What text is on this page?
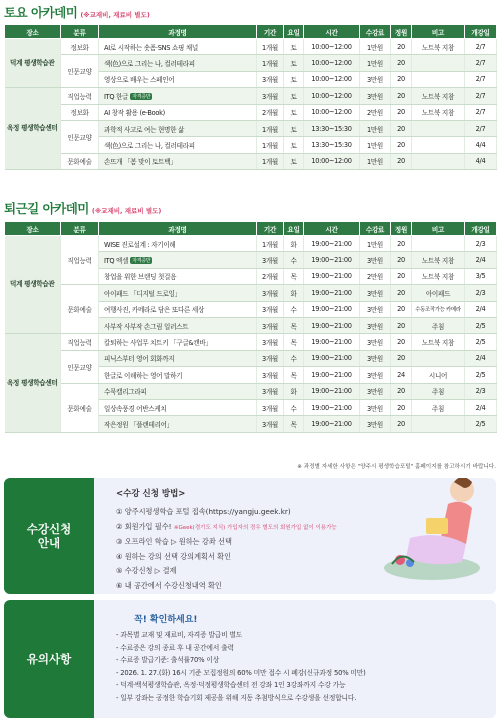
토요 아카데미 (※교재비, 재료비 별도)
장소	분류	과정명	기간	요일	시간	수강료	정원	비고	개강일
덕계 평생학습관	정보화	AI로 시작하는 숏폼·SNS 쇼핑 채널	1개월	토	10:00~12:00	1만원	20	노트북 지참	2/7
	인문교양	색(色)으로 그리는 나, 컬러테라피	1개월	토	10:00~12:00	1만원	20		2/7
		영상으로 배우는 스페인어	3개월	토	10:00~12:00	3만원	20		2/7
옥정 평생학습센터	직업능력	ITQ 한글 자격증반	3개월	토	10:00~12:00	3만원	20	노트북 지참	2/7
	정보화	AI 창작 활용 (e-Book)	2개월	토	10:00~12:00	2만원	20	노트북 지참	2/7
	인문교양	과학적 사고로 여는 현명한 삶	1개월	토	13:30~15:30	1만원	20		2/7
		색(色)으로 그리는 나, 컬러테라피	1개월	토	13:30~15:30	1만원	20		4/4
	문화예술	손뜨개 「봄 맞이 토트백」	1개월	토	10:00~12:00	1만원	20		4/4
퇴근길 아카데미 (※교재비, 재료비 별도)
장소	분류	과정명	기간	요일	시간	수강료	정원	비고	개강일
덕계 평생학습관	직업능력	WISE 진로설계 : 자기이해	1개월	화	19:00~21:00	1만원	20		2/3
		ITQ 엑셀 자격증반	3개월	수	19:00~21:00	3만원	20	노트북 지참	2/4
		창업을 위한 브랜딩 첫걸음	2개월	목	19:00~21:00	2만원	20	노트북 지참	3/5
	문화예술	아이패드 「디지털 드로잉」	3개월	화	19:00~21:00	3만원	20	아이패드	2/3
		여행사진, 카메라로 담은 또다른 세상	3개월	수	19:00~21:00	3만원	20	수동조작가능 카메라	2/4
		사부작 사부작 손그림 일러스트	3개월	목	19:00~21:00	3만원	20	주침	2/5
옥정 평생학습센터	직업능력	칼퇴하는 사업무 치트키 「구글&캔바」	3개월	목	19:00~21:00	3만원	20	노트북 지참	2/5
	인문교양	피닉스부터 영어 회화까지	3개월	수	19:00~21:00	3만원	20		2/4
		한글로 이해하는 영어 말하기	3개월	목	19:00~21:00	3만원	24	시니어	2/5
	문화예술	수묵캘리그라피	3개월	화	19:00~21:00	3만원	20	주침	2/3
		일상속풍경 어반스케치	3개월	수	19:00~21:00	3만원	20	주침	2/4
		작은정원 「플랜테리어」	3개월	목	19:00~21:00	3만원	20		2/5
※ 과정별 자세한 사항은 "양주시 평생학습포털" 홈페이지를 참고하시기 바랍니다.
수강신청
안내
<수강 신청 방법>
① 양주시평생학습 포털 접속(https://yangju.geek.kr)
② 회원가입 필수! ※Geek(경기도 지식) 가입자의 경우 별도의 회원가입 없이 이용가능
③ 오프라인 학습 ▷ 원하는 강좌 선택
④ 원하는 강의 선택 강의계획서 확인
⑤ 수강신청 ▷ 결제
⑥ 내 공간에서 수강신청내역 확인
유의사항
꼭! 확인하세요!
- 과목별 교재 및 재료비, 자격증 발급비 별도
- 수료증은 강의 종료 후 내 공간에서 출력
- 수료증 발급기준: 출석률70% 이상
- 2026. 1. 27.(화) 16시 기준 모집정원의 60% 미만 접수 시 폐강(신규과정 50% 미만)
- 덕계·백석평생학습관, 옥정·덕정평생학습센터 전 강좌 1인 3강좌까지 수강 가능
- 일부 강좌는 공정한 학습기회 제공을 위해 지동 추첨방식으로 수강생을 선정합니다.
